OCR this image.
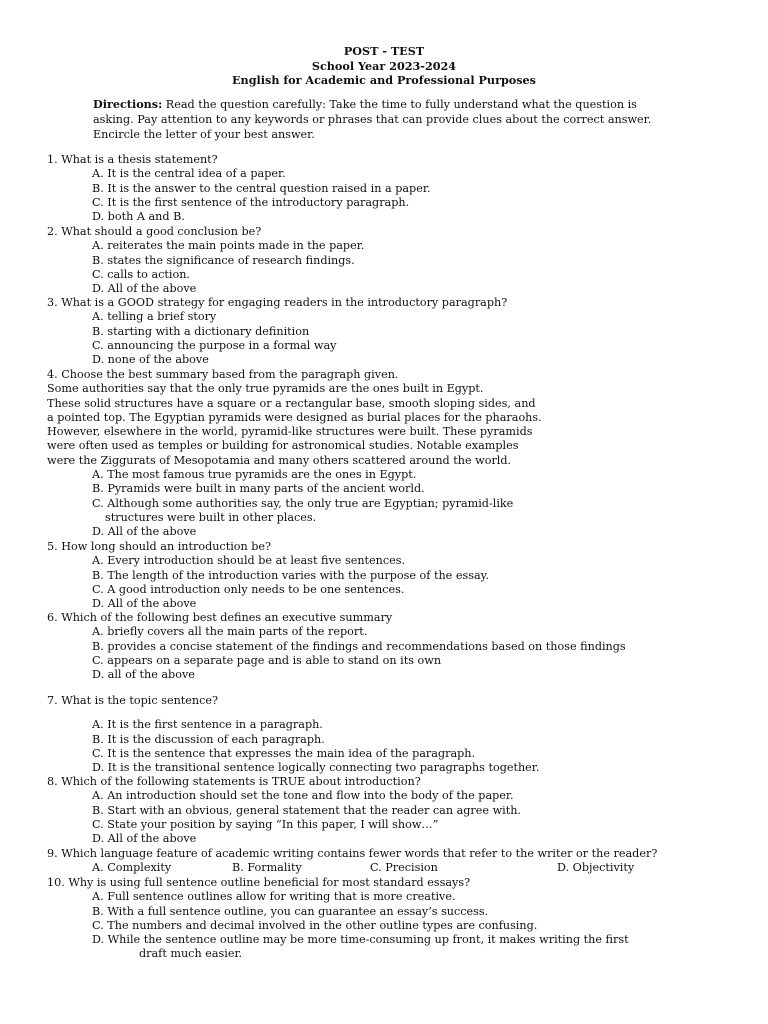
POST - TEST
School Year 2023-2024
English for Academic and Professional Purposes

Directions: Read the question carefully: Take the time to fully understand what the question is

asking. Pay attention to any keywords or phrases that can provide clues about the correct answer.

Encircle the letter of your best answer.

1. What is a thesis statement?
A. It is the central idea of a paper.
B. It is the answer to the central question raised in a paper.
C. It is the first sentence of the introductory paragraph.
D. both A and B.
2. What should a good conclusion be?
A. reiterates the main points made in the paper.
B. states the significance of research findings.
C. calls to action.
D. All of the above
3. What is a GOOD strategy for engaging readers in the introductory paragraph?
A. telling a brief story
B. starting with a dictionary definition
C. announcing the purpose in a formal way
D. none of the above
4. Choose the best summary based from the paragraph given.
Some authorities say that the only true pyramids are the ones built in Egypt.
These solid structures have a square or a rectangular base, smooth sloping sides, and
a pointed top. The Egyptian pyramids were designed as burial places for the pharaohs.
However, elsewhere in the world, pyramid-like structures were built. These pyramids
were often used as temples or building for astronomical studies. Notable examples
were the Ziggurats of Mesopotamia and many others scattered around the world.
A. The most famous true pyramids are the ones in Egypt.
B. Pyramids were built in many parts of the ancient world.
C. Although some authorities say, the only true are Egyptian; pyramid-like
structures were built in other places.
D. All of the above
5. How long should an introduction be?
A. Every introduction should be at least five sentences.
B. The length of the introduction varies with the purpose of the essay.
C. A good introduction only needs to be one sentences.
D. All of the above
6. Which of the following best defines an executive summary
A. briefly covers all the main parts of the report.
B. provides a concise statement of the findings and recommendations based on those findings
C. appears on a separate page and is able to stand on its own
D. all of the above
7. What is the topic sentence?
A. It is the first sentence in a paragraph.
B. It is the discussion of each paragraph.
C. It is the sentence that expresses the main idea of the paragraph.
D. It is the transitional sentence logically connecting two paragraphs together.
8. Which of the following statements is TRUE about introduction?
A. An introduction should set the tone and flow into the body of the paper.
B. Start with an obvious, general statement that the reader can agree with.
C. State your position by saying “In this paper, I will show…”
D. All of the above
9. Which language feature of academic writing contains fewer words that refer to the writer or the reader?
A. Complexity	B. Formality	C. Precision	D. Objectivity
10. Why is using full sentence outline beneficial for most standard essays?
A. Full sentence outlines allow for writing that is more creative.
B. With a full sentence outline, you can guarantee an essay’s success.
C. The numbers and decimal involved in the other outline types are confusing.
D. While the sentence outline may be more time-consuming up front, it makes writing the first
draft much easier.
